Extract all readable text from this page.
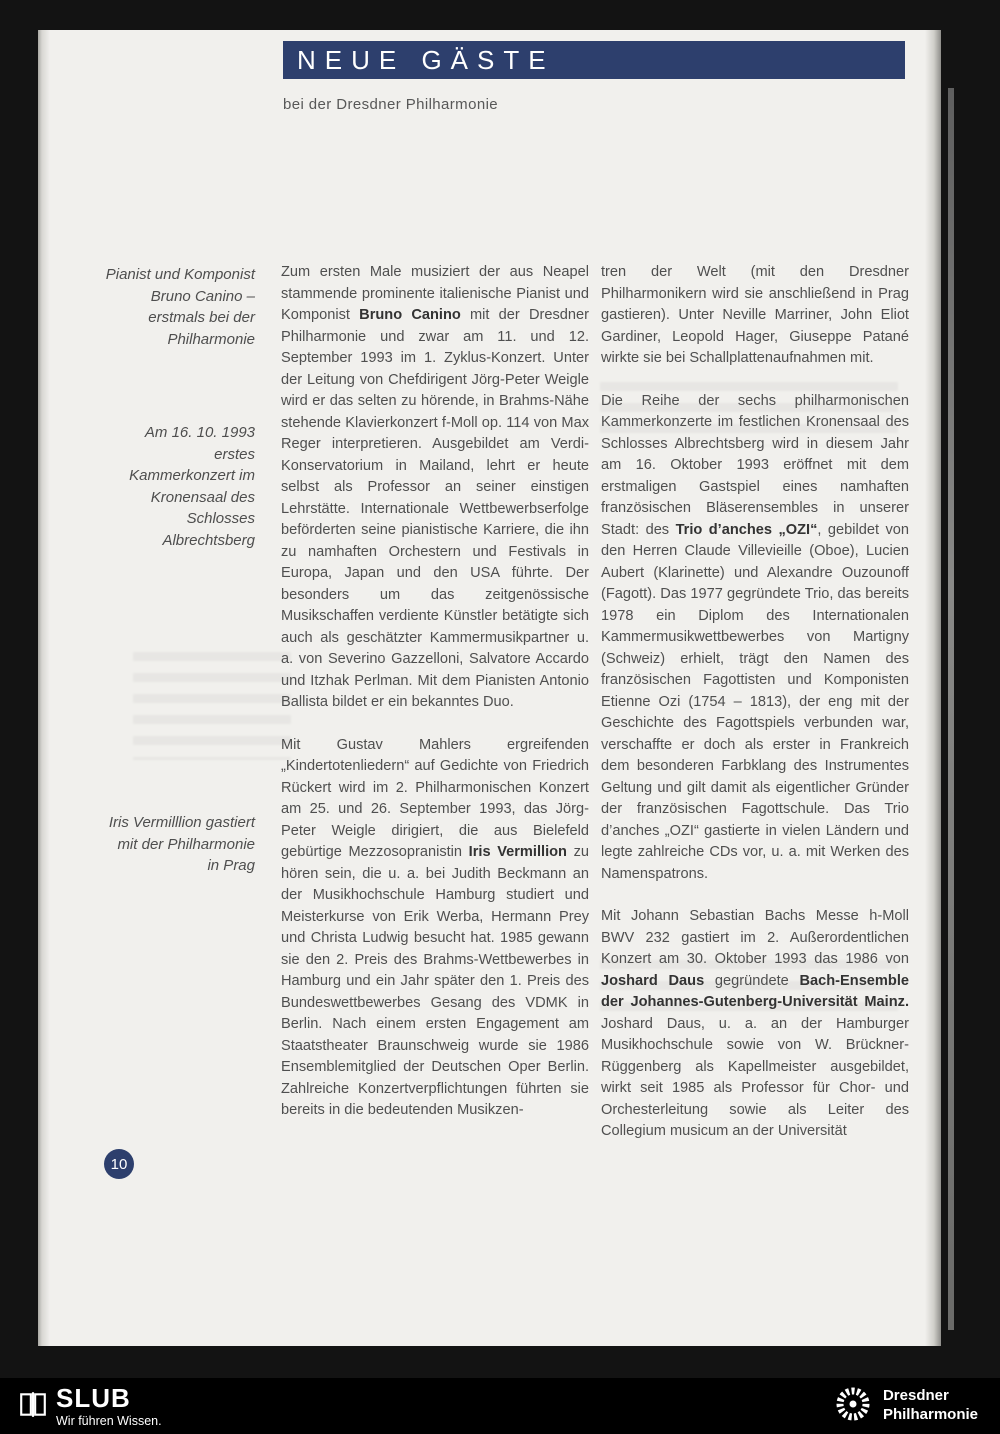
NEUE GÄSTE
bei der Dresdner Philharmonie
Pianist und Komponist Bruno Canino – erstmals bei der Philharmonie
Am 16. 10. 1993 erstes Kammerkonzert im Kronensaal des Schlosses Albrechtsberg
Iris Vermilllion gastiert mit der Philharmonie in Prag

Zum ersten Male musiziert der aus Neapel stammende prominente italienische Pianist und Komponist Bruno Canino mit der Dresdner Philharmonie und zwar am 11. und 12. September 1993 im 1. Zyklus-Konzert. Unter der Leitung von Chefdirigent Jörg-Peter Weigle wird er das selten zu hörende, in Brahms-Nähe stehende Klavierkonzert f-Moll op. 114 von Max Reger interpretieren. Ausgebildet am Verdi-Konservatorium in Mailand, lehrt er heute selbst als Professor an seiner einstigen Lehrstätte. Internationale Wettbewerbserfolge beförderten seine pianistische Karriere, die ihn zu namhaften Orchestern und Festivals in Europa, Japan und den USA führte. Der besonders um das zeitgenössische Musikschaffen verdiente Künstler betätigte sich auch als geschätzter Kammermusikpartner u. a. von Severino Gazzelloni, Salvatore Accardo und Itzhak Perlman. Mit dem Pianisten Antonio Ballista bildet er ein bekanntes Duo.

Mit Gustav Mahlers ergreifenden „Kindertotenliedern“ auf Gedichte von Friedrich Rückert wird im 2. Philharmonischen Konzert am 25. und 26. September 1993, das Jörg-Peter Weigle dirigiert, die aus Bielefeld gebürtige Mezzosopranistin Iris Vermillion zu hören sein, die u. a. bei Judith Beckmann an der Musikhochschule Hamburg studiert und Meisterkurse von Erik Werba, Hermann Prey und Christa Ludwig besucht hat. 1985 gewann sie den 2. Preis des Brahms-Wettbewerbes in Hamburg und ein Jahr später den 1. Preis des Bundeswettbewerbes Gesang des VDMK in Berlin. Nach einem ersten Engagement am Staatstheater Braunschweig wurde sie 1986 Ensemblemitglied der Deutschen Oper Berlin. Zahlreiche Konzertverpflichtungen führten sie bereits in die bedeutenden Musikzen-

tren der Welt (mit den Dresdner Philharmonikern wird sie anschließend in Prag gastieren). Unter Neville Marriner, John Eliot Gardiner, Leopold Hager, Giuseppe Patané wirkte sie bei Schallplattenaufnahmen mit.

Die Reihe der sechs philharmonischen Kammerkonzerte im festlichen Kronensaal des Schlosses Albrechtsberg wird in diesem Jahr am 16. Oktober 1993 eröffnet mit dem erstmaligen Gastspiel eines namhaften französischen Bläserensembles in unserer Stadt: des Trio d’anches „OZI“, gebildet von den Herren Claude Villevieille (Oboe), Lucien Aubert (Klarinette) und Alexandre Ouzounoff (Fagott). Das 1977 gegründete Trio, das bereits 1978 ein Diplom des Internationalen Kammermusikwettbewerbes von Martigny (Schweiz) erhielt, trägt den Namen des französischen Fagottisten und Komponisten Etienne Ozi (1754 – 1813), der eng mit der Geschichte des Fagottspiels verbunden war, verschaffte er doch als erster in Frankreich dem besonderen Farbklang des Instrumentes Geltung und gilt damit als eigentlicher Gründer der französischen Fagottschule. Das Trio d’anches „OZI“ gastierte in vielen Ländern und legte zahlreiche CDs vor, u. a. mit Werken des Namenspatrons.

Mit Johann Sebastian Bachs Messe h-Moll BWV 232 gastiert im 2. Außerordentlichen Konzert am 30. Oktober 1993 das 1986 von Joshard Daus gegründete Bach-Ensemble der Johannes-Gutenberg-Universität Mainz. Joshard Daus, u. a. an der Hamburger Musikhochschule sowie von W. Brückner-Rüggenberg als Kapellmeister ausgebildet, wirkt seit 1985 als Professor für Chor- und Orchesterleitung sowie als Leiter des Collegium musicum an der Universität

10
SLUB
Wir führen Wissen.
Dresdner
Philharmonie
